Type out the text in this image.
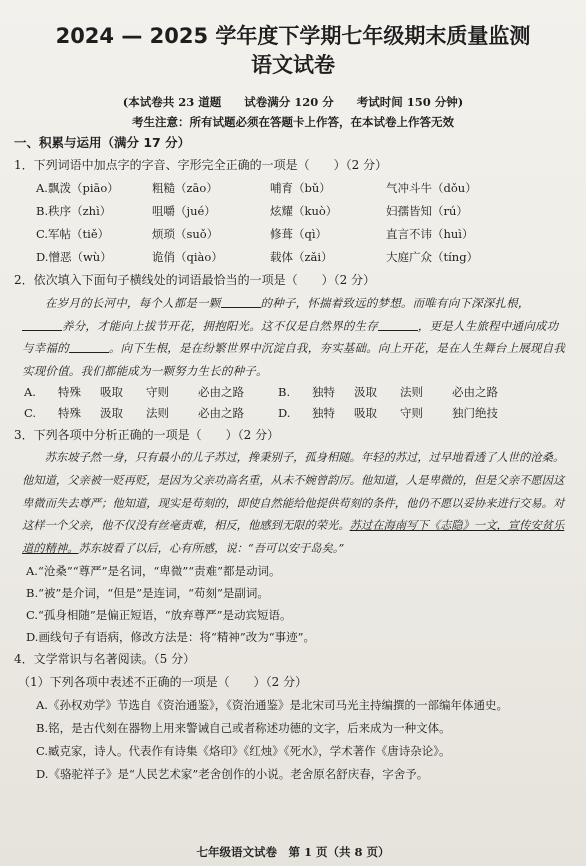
2024 — 2025 学年度下学期七年级期末质量监测
语文试卷
(本试卷共 23 道题　　试卷满分 120 分　　考试时间 150 分钟)
考生注意：所有试题必须在答题卡上作答，在本试卷上作答无效
一、积累与运用（满分 17 分）
1．下列词语中加点字的字音、字形完全正确的一项是（　　）（2 分）
A.飘泼（piāo）	粗糙（zāo）	哺育（bǔ）	气冲斗牛（dǒu）
B.秩序（zhì）	咀嚼（jué）	炫耀（kuò）	妇孺皆知（rú）
C.军帖（tiě）	烦琐（suǒ）	修葺（qì）	直言不讳（huì）
D.憎恶（wù）	诡俏（qiào）	载体（zǎi）	大庭广众（tíng）
2．依次填入下面句子横线处的词语最恰当的一项是（　　）（2 分）
在岁月的长河中，每个人都是一颗	的种子，怀揣着致远的梦想。而唯有向下深深扎根，养分，才能向上拔节开花，拥抱阳光。这不仅是自然界的生存	，更是人生旅程中通向成功与幸福的	。向下生根，是在纷繁世界中沉淀自我，夯实基础。向上开花，是在人生舞台上展现自我实现价值。我们都能成为一颗努力生长的种子。
A.	特殊	吸取	守则	必由之路	B.	独特	汲取	法则	必由之路
C.	特殊	汲取	法则	必由之路	D.	独特	吸取	守则	独门绝技
3．下列各项中分析正确的一项是（　　）（2 分）
苏东坡子然一身，只有最小的儿子苏过，搀秉别子，孤身相随。年轻的苏过，过早地看透了人世的沧桑。他知道，父亲被一贬再贬，是因为父亲功高名重，从未不婉曾韵厉。他知道，人是卑微的，但是父亲不愿因这卑微而失去尊严；他知道，现实是苟刻的，即使自然能给他提供苟刻的条件，他仍不愿以妥协来进行交易。对这样一个父亲，他不仅没有丝毫责难，相反，他感到无限的荣光。苏过在海南写下《志隐》一文，宣传安贫乐道的精神。苏东坡看了以后，心有所感，说：“吾可以安于岛矣。”
A.“沧桑”“尊严”是名词，“卑微”“责难”都是动词。
B.“被”是介词，“但是”是连词，“苟刻”是副词。
C.“孤身相随”是偏正短语，“放弃尊严”是动宾短语。
D.画线句子有语病，修改方法是：将“精神”改为“事迹”。
4．文学常识与名著阅读。（5 分）
（1）下列各项中表述不正确的一项是（　　）（2 分）
A.《孙权劝学》节选自《资治通鉴》，《资治通鉴》是北宋司马光主持编撰的一部编年体通史。
B.铭，是古代刻在器物上用来警诫自己或者称述功德的文字，后来成为一种文体。
C.臧克家，诗人。代表作有诗集《烙印》《红烛》《死水》，学术著作《唐诗杂论》。
D.《骆驼祥子》是“人民艺术家”老舍创作的小说。老舍原名舒庆春，字舍予。
七年级语文试卷　第 1 页（共 8 页）
